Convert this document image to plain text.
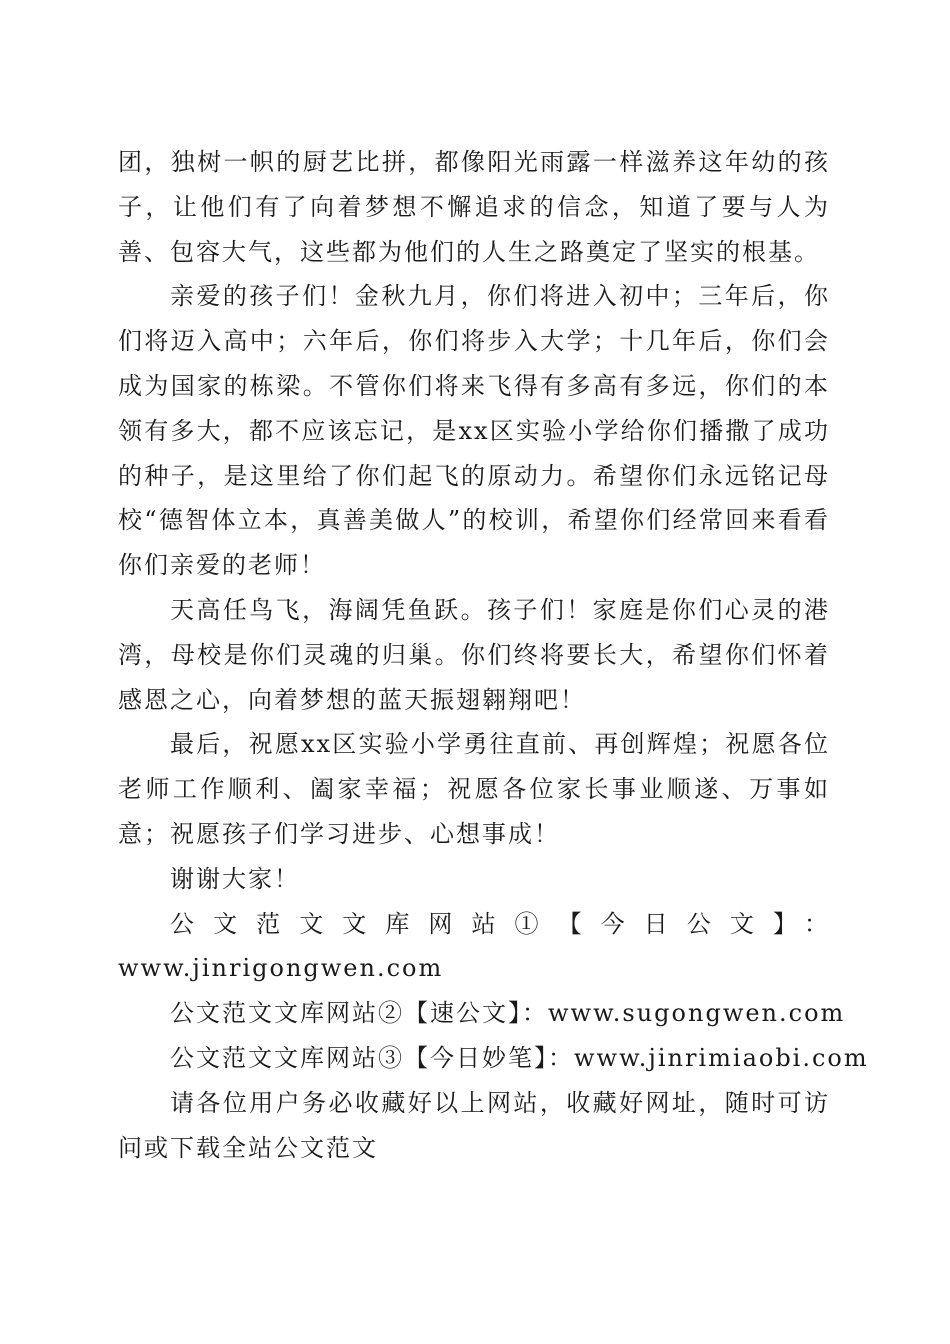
团，独树一帜的厨艺比拼，都像阳光雨露一样滋养这年幼的孩子，让他们有了向着梦想不懈追求的信念，知道了要与人为善、包容大气，这些都为他们的人生之路奠定了坚实的根基。

亲爱的孩子们！金秋九月，你们将进入初中；三年后，你们将迈入高中；六年后，你们将步入大学；十几年后，你们会成为国家的栋梁。不管你们将来飞得有多高有多远，你们的本领有多大，都不应该忘记，是xx区实验小学给你们播撒了成功的种子，是这里给了你们起飞的原动力。希望你们永远铭记母校“德智体立本，真善美做人”的校训，希望你们经常回来看看你们亲爱的老师！

天高任鸟飞，海阔凭鱼跃。孩子们！家庭是你们心灵的港湾，母校是你们灵魂的归巢。你们终将要长大，希望你们怀着感恩之心，向着梦想的蓝天振翅翱翔吧！

最后，祝愿xx区实验小学勇往直前、再创辉煌；祝愿各位老师工作顺利、阖家幸福；祝愿各位家长事业顺遂、万事如意；祝愿孩子们学习进步、心想事成！

谢谢大家！

公文范文文库网站①【今日公文】：

www.jinrigongwen.com

公文范文文库网站②【速公文】：www.sugongwen.com

公文范文文库网站③【今日妙笔】：www.jinrimiaobi.com

请各位用户务必收藏好以上网站，收藏好网址，随时可访问或下载全站公文范文
